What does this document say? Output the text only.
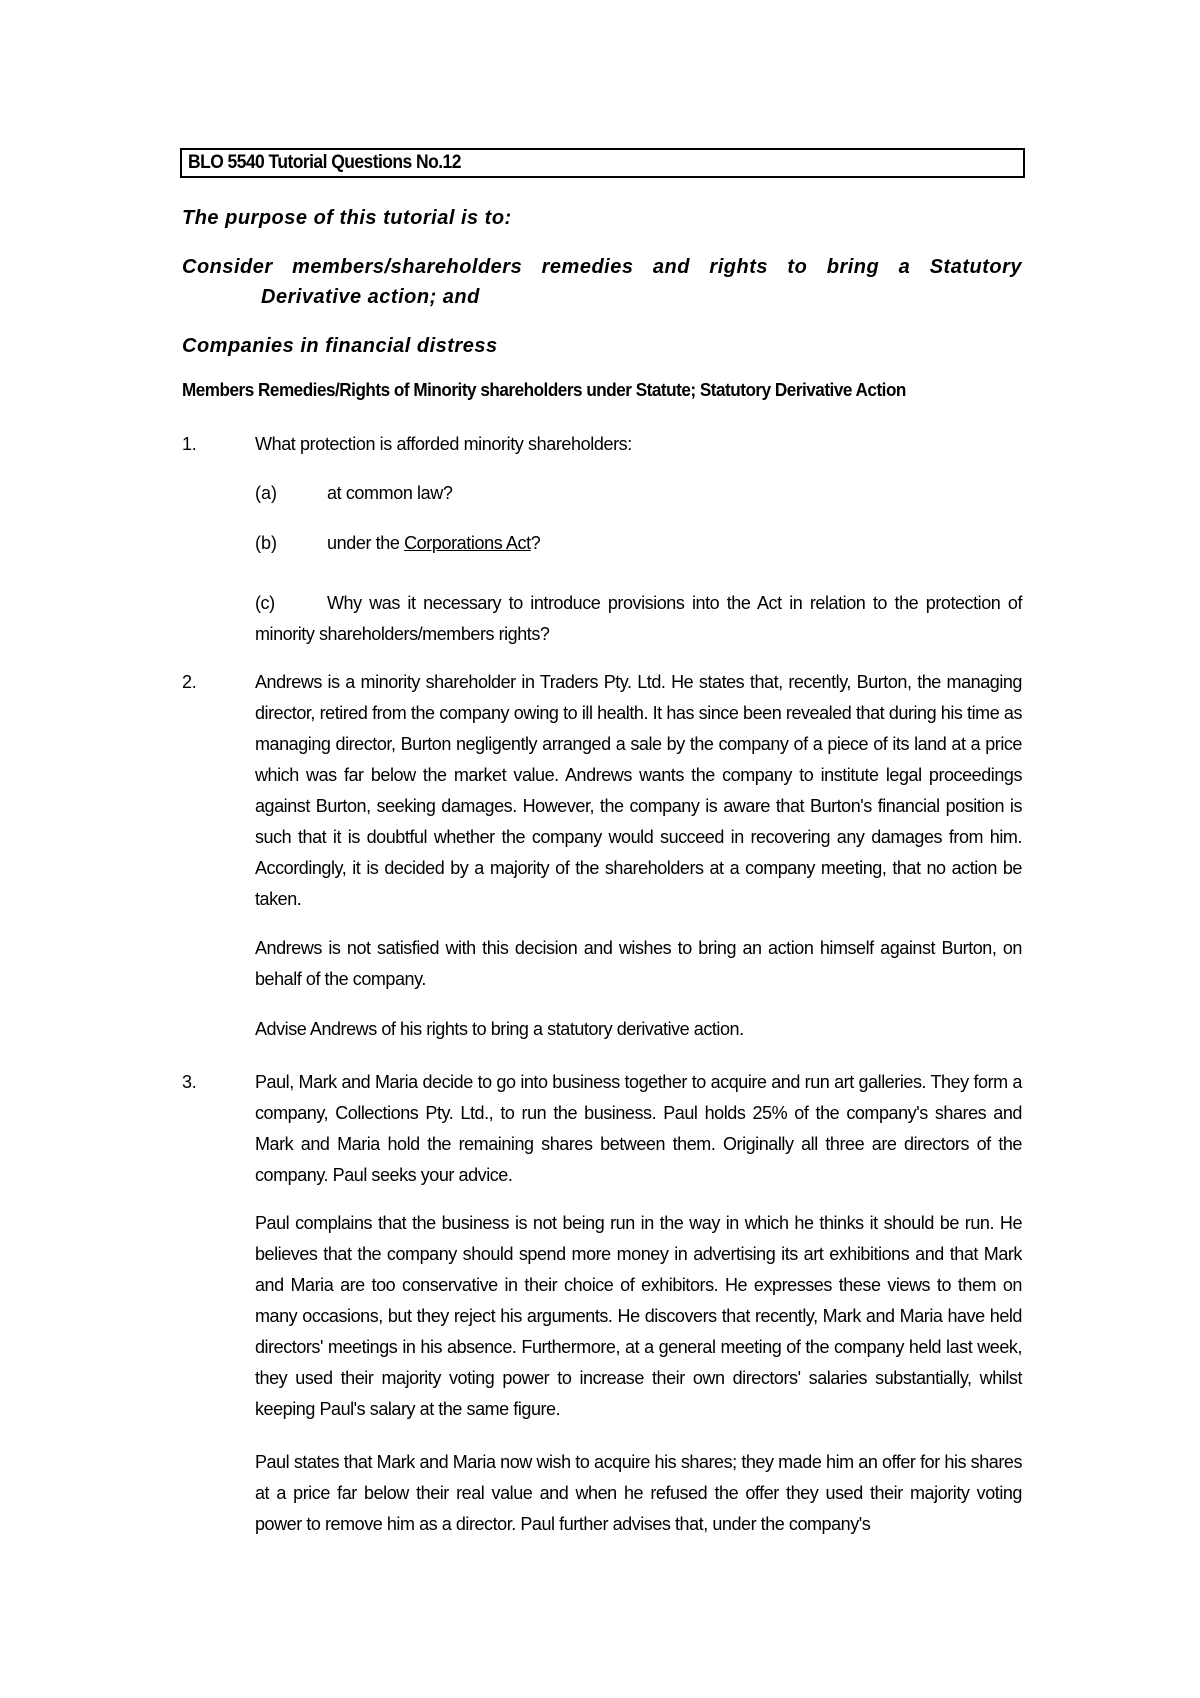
BLO 5540 Tutorial Questions No.12
The purpose of this tutorial is to:
Consider members/shareholders remedies and rights to bring a Statutory
Derivative action; and
Companies in financial distress
Members Remedies/Rights of Minority shareholders under Statute; Statutory Derivative Action
1.	What protection is afforded minority shareholders:
(a)	at common law?
(b)	under the Corporations Act?
(c)	Why was it necessary to introduce provisions into the Act in relation to the protection of minority shareholders/members rights?
2.	Andrews is a minority shareholder in Traders Pty. Ltd. He states that, recently, Burton, the managing director, retired from the company owing to ill health. It has since been revealed that during his time as managing director, Burton negligently arranged a sale by the company of a piece of its land at a price which was far below the market value. Andrews wants the company to institute legal proceedings against Burton, seeking damages. However, the company is aware that Burton's financial position is such that it is doubtful whether the company would succeed in recovering any damages from him. Accordingly, it is decided by a majority of the shareholders at a company meeting, that no action be taken.
Andrews is not satisfied with this decision and wishes to bring an action himself against Burton, on behalf of the company.
Advise Andrews of his rights to bring a statutory derivative action.
3.	Paul, Mark and Maria decide to go into business together to acquire and run art galleries. They form a company, Collections Pty. Ltd., to run the business. Paul holds 25% of the company's shares and Mark and Maria hold the remaining shares between them. Originally all three are directors of the company. Paul seeks your advice.
Paul complains that the business is not being run in the way in which he thinks it should be run. He believes that the company should spend more money in advertising its art exhibitions and that Mark and Maria are too conservative in their choice of exhibitors. He expresses these views to them on many occasions, but they reject his arguments. He discovers that recently, Mark and Maria have held directors' meetings in his absence. Furthermore, at a general meeting of the company held last week, they used their majority voting power to increase their own directors' salaries substantially, whilst keeping Paul's salary at the same figure.
Paul states that Mark and Maria now wish to acquire his shares; they made him an offer for his shares at a price far below their real value and when he refused the offer they used their majority voting power to remove him as a director. Paul further advises that, under the company's
